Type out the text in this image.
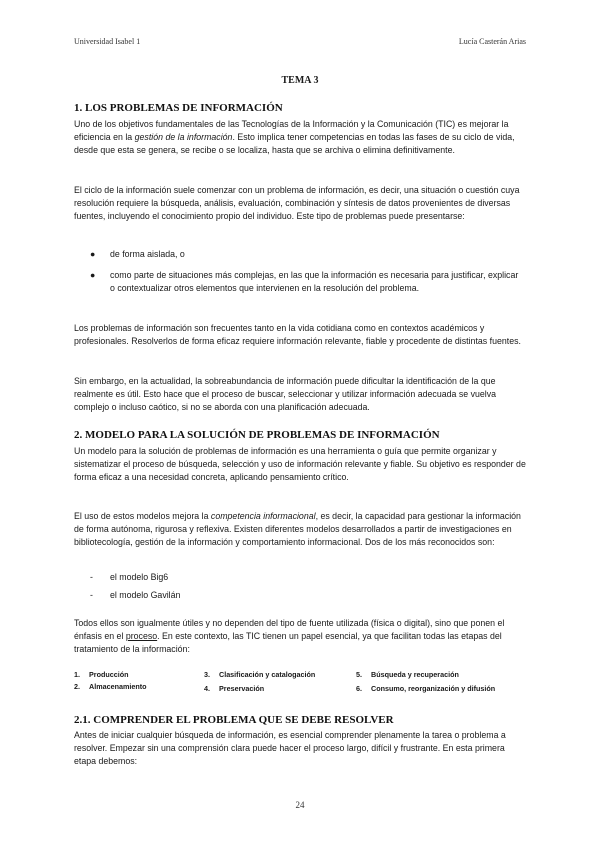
Universidad Isabel 1	Lucía Casterán Arias
TEMA 3
1. LOS PROBLEMAS DE INFORMACIÓN
Uno de los objetivos fundamentales de las Tecnologías de la Información y la Comunicación (TIC) es mejorar la eficiencia en la gestión de la información. Esto implica tener competencias en todas las fases de su ciclo de vida, desde que esta se genera, se recibe o se localiza, hasta que se archiva o elimina definitivamente.
El ciclo de la información suele comenzar con un problema de información, es decir, una situación o cuestión cuya resolución requiere la búsqueda, análisis, evaluación, combinación y síntesis de datos provenientes de diversas fuentes, incluyendo el conocimiento propio del individuo. Este tipo de problemas puede presentarse:
●	de forma aislada, o
●	como parte de situaciones más complejas, en las que la información es necesaria para justificar, explicar o contextualizar otros elementos que intervienen en la resolución del problema.
Los problemas de información son frecuentes tanto en la vida cotidiana como en contextos académicos y profesionales. Resolverlos de forma eficaz requiere información relevante, fiable y procedente de distintas fuentes.
Sin embargo, en la actualidad, la sobreabundancia de información puede dificultar la identificación de la que realmente es útil. Esto hace que el proceso de buscar, seleccionar y utilizar información adecuada se vuelva complejo o incluso caótico, si no se aborda con una planificación adecuada.
2. MODELO PARA LA SOLUCIÓN DE PROBLEMAS DE INFORMACIÓN
Un modelo para la solución de problemas de información es una herramienta o guía que permite organizar y sistematizar el proceso de búsqueda, selección y uso de información relevante y fiable. Su objetivo es responder de forma eficaz a una necesidad concreta, aplicando pensamiento crítico.
El uso de estos modelos mejora la competencia informacional, es decir, la capacidad para gestionar la información de forma autónoma, rigurosa y reflexiva. Existen diferentes modelos desarrollados a partir de investigaciones en bibliotecología, gestión de la información y comportamiento informacional. Dos de los más reconocidos son:
-	el modelo Big6
-	el modelo Gavilán
Todos ellos son igualmente útiles y no dependen del tipo de fuente utilizada (física o digital), sino que ponen el énfasis en el proceso. En este contexto, las TIC tienen un papel esencial, ya que facilitan todas las etapas del tratamiento de la información:
1. Producción
2. Almacenamiento
3. Clasificación y catalogación
4. Preservación
5. Búsqueda y recuperación
6. Consumo, reorganización y difusión
2.1. COMPRENDER EL PROBLEMA QUE SE DEBE RESOLVER
Antes de iniciar cualquier búsqueda de información, es esencial comprender plenamente la tarea o problema a resolver. Empezar sin una comprensión clara puede hacer el proceso largo, difícil y frustrante. En esta primera etapa debemos:
24
